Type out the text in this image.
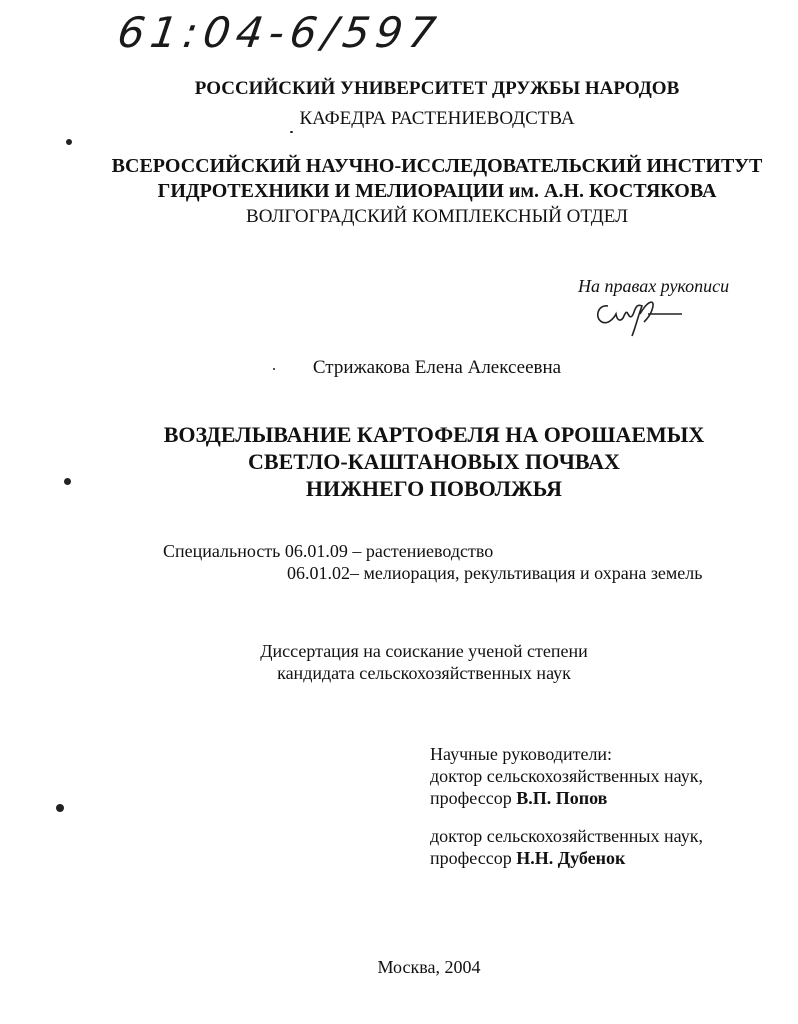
61:04-6/597
РОССИЙСКИЙ УНИВЕРСИТЕТ ДРУЖБЫ НАРОДОВ
КАФЕДРА РАСТЕНИЕВОДСТВА
ВСЕРОССИЙСКИЙ НАУЧНО-ИССЛЕДОВАТЕЛЬСКИЙ ИНСТИТУТ
ГИДРОТЕХНИКИ И МЕЛИОРАЦИИ им. А.Н. КОСТЯКОВА
ВОЛГОГРАДСКИЙ КОМПЛЕКСНЫЙ ОТДЕЛ
На правах рукописи
Стрижакова Елена Алексеевна
ВОЗДЕЛЫВАНИЕ КАРТОФЕЛЯ НА ОРОШАЕМЫХ
СВЕТЛО-КАШТАНОВЫХ ПОЧВАХ
НИЖНЕГО ПОВОЛЖЬЯ
Специальность 06.01.09 – растениеводство
06.01.02– мелиорация, рекультивация и охрана земель
Диссертация на соискание ученой степени
кандидата сельскохозяйственных наук
Научные руководители:
доктор сельскохозяйственных наук,
профессор В.П. Попов
доктор сельскохозяйственных наук,
профессор Н.Н. Дубенок
Москва, 2004
